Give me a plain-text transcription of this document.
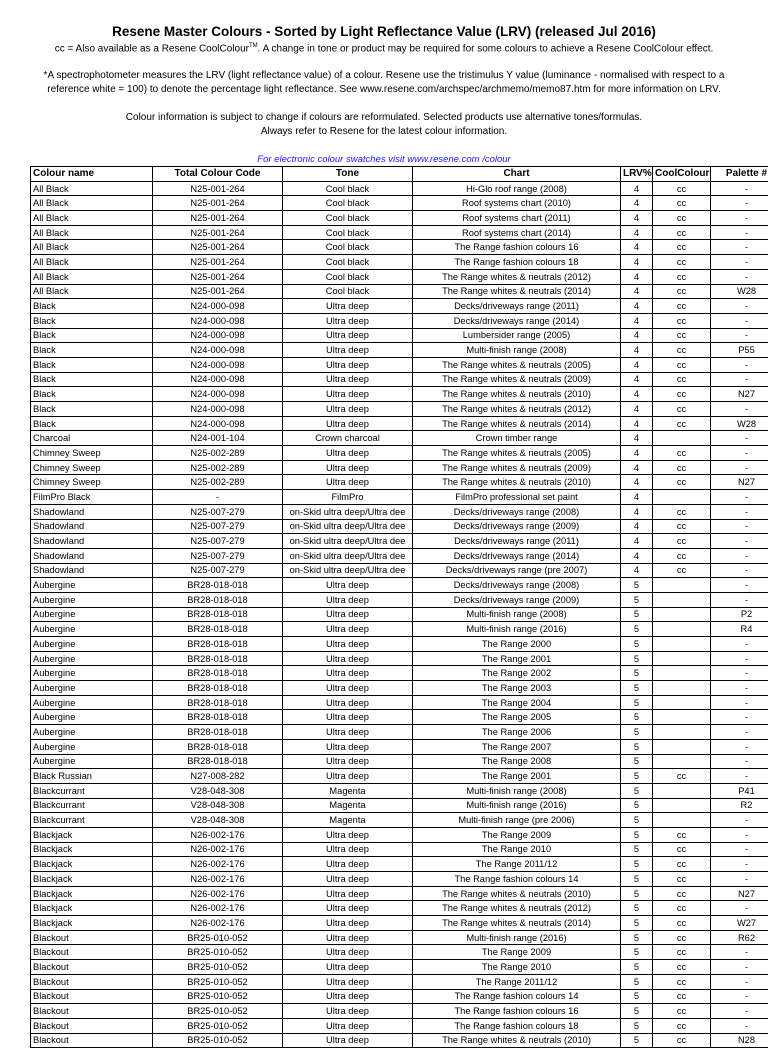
Resene Master Colours - Sorted by Light Reflectance Value (LRV) (released Jul 2016)
cc = Also available as a Resene CoolColour™. A change in tone or product may be required for some colours to achieve a Resene CoolColour effect.
*A spectrophotometer measures the LRV (light reflectance value) of a colour. Resene use the tristimulus Y value (luminance - normalised with respect to a
reference white = 100) to denote the percentage light reflectance. See www.resene.com/archspec/archmemo/memo87.htm for more information on LRV.
Colour information is subject to change if colours are reformulated. Selected products use alternative tones/formulas.
Always refer to Resene for the latest colour information.
For electronic colour swatches visit www.resene.com /colour
Colour name	Total Colour Code	Tone	Chart	LRV%	CoolColour	Palette #
All Black	N25-001-264	Cool black	Hi-Glo roof range (2008)	4	cc	-
All Black	N25-001-264	Cool black	Roof systems chart (2010)	4	cc	-
All Black	N25-001-264	Cool black	Roof systems chart (2011)	4	cc	-
All Black	N25-001-264	Cool black	Roof systems chart (2014)	4	cc	-
All Black	N25-001-264	Cool black	The Range fashion colours 16	4	cc	-
All Black	N25-001-264	Cool black	The Range fashion colours 18	4	cc	-
All Black	N25-001-264	Cool black	The Range whites & neutrals (2012)	4	cc	-
All Black	N25-001-264	Cool black	The Range whites & neutrals (2014)	4	cc	W28
Black	N24-000-098	Ultra deep	Decks/driveways range (2011)	4	cc	-
Black	N24-000-098	Ultra deep	Decks/driveways range (2014)	4	cc	-
Black	N24-000-098	Ultra deep	Lumbersider range (2005)	4	cc	-
Black	N24-000-098	Ultra deep	Multi-finish range (2008)	4	cc	P55
Black	N24-000-098	Ultra deep	The Range whites & neutrals (2005)	4	cc	-
Black	N24-000-098	Ultra deep	The Range whites & neutrals (2009)	4	cc	-
Black	N24-000-098	Ultra deep	The Range whites & neutrals (2010)	4	cc	N27
Black	N24-000-098	Ultra deep	The Range whites & neutrals (2012)	4	cc	-
Black	N24-000-098	Ultra deep	The Range whites & neutrals (2014)	4	cc	W28
Charcoal	N24-001-104	Crown charcoal	Crown timber range	4		-
Chimney Sweep	N25-002-289	Ultra deep	The Range whites & neutrals (2005)	4	cc	-
Chimney Sweep	N25-002-289	Ultra deep	The Range whites & neutrals (2009)	4	cc	-
Chimney Sweep	N25-002-289	Ultra deep	The Range whites & neutrals (2010)	4	cc	N27
FilmPro Black	-	FilmPro	FilmPro professional set paint	4		-
Shadowland	N25-007-279	on-Skid ultra deep/Ultra dee	Decks/driveways range (2008)	4	cc	-
Shadowland	N25-007-279	on-Skid ultra deep/Ultra dee	Decks/driveways range (2009)	4	cc	-
Shadowland	N25-007-279	on-Skid ultra deep/Ultra dee	Decks/driveways range (2011)	4	cc	-
Shadowland	N25-007-279	on-Skid ultra deep/Ultra dee	Decks/driveways range (2014)	4	cc	-
Shadowland	N25-007-279	on-Skid ultra deep/Ultra dee	Decks/driveways range (pre 2007)	4	cc	-
Aubergine	BR28-018-018	Ultra deep	Decks/driveways range (2008)	5		-
Aubergine	BR28-018-018	Ultra deep	Decks/driveways range (2009)	5		-
Aubergine	BR28-018-018	Ultra deep	Multi-finish range (2008)	5		P2
Aubergine	BR28-018-018	Ultra deep	Multi-finish range (2016)	5		R4
Aubergine	BR28-018-018	Ultra deep	The Range 2000	5		-
Aubergine	BR28-018-018	Ultra deep	The Range 2001	5		-
Aubergine	BR28-018-018	Ultra deep	The Range 2002	5		-
Aubergine	BR28-018-018	Ultra deep	The Range 2003	5		-
Aubergine	BR28-018-018	Ultra deep	The Range 2004	5		-
Aubergine	BR28-018-018	Ultra deep	The Range 2005	5		-
Aubergine	BR28-018-018	Ultra deep	The Range 2006	5		-
Aubergine	BR28-018-018	Ultra deep	The Range 2007	5		-
Aubergine	BR28-018-018	Ultra deep	The Range 2008	5		-
Black Russian	N27-008-282	Ultra deep	The Range 2001	5	cc	-
Blackcurrant	V28-048-308	Magenta	Multi-finish range (2008)	5		P41
Blackcurrant	V28-048-308	Magenta	Multi-finish range (2016)	5		R2
Blackcurrant	V28-048-308	Magenta	Multi-finish range (pre 2006)	5		-
Blackjack	N26-002-176	Ultra deep	The Range 2009	5	cc	-
Blackjack	N26-002-176	Ultra deep	The Range 2010	5	cc	-
Blackjack	N26-002-176	Ultra deep	The Range 2011/12	5	cc	-
Blackjack	N26-002-176	Ultra deep	The Range fashion colours 14	5	cc	-
Blackjack	N26-002-176	Ultra deep	The Range whites & neutrals (2010)	5	cc	N27
Blackjack	N26-002-176	Ultra deep	The Range whites & neutrals (2012)	5	cc	-
Blackjack	N26-002-176	Ultra deep	The Range whites & neutrals (2014)	5	cc	W27
Blackout	BR25-010-052	Ultra deep	Multi-finish range (2016)	5	cc	R62
Blackout	BR25-010-052	Ultra deep	The Range 2009	5	cc	-
Blackout	BR25-010-052	Ultra deep	The Range 2010	5	cc	-
Blackout	BR25-010-052	Ultra deep	The Range 2011/12	5	cc	-
Blackout	BR25-010-052	Ultra deep	The Range fashion colours 14	5	cc	-
Blackout	BR25-010-052	Ultra deep	The Range fashion colours 16	5	cc	-
Blackout	BR25-010-052	Ultra deep	The Range fashion colours 18	5	cc	-
Blackout	BR25-010-052	Ultra deep	The Range whites & neutrals (2010)	5	cc	N28
